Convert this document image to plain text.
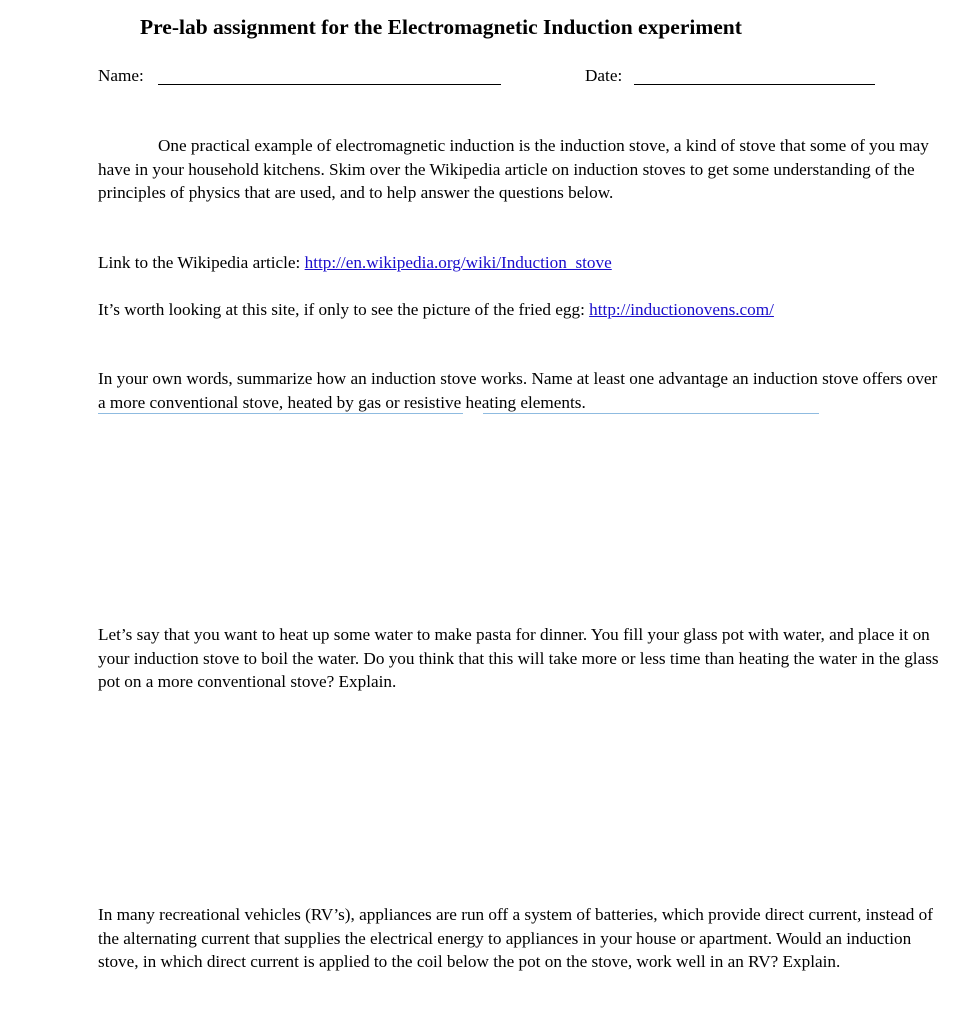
Pre-lab assignment for the Electromagnetic Induction experiment
Name:	Date:

One practical example of electromagnetic induction is the induction stove, a kind of stove that some of you may have in your household kitchens. Skim over the Wikipedia article on induction stoves to get some understanding of the principles of physics that are used, and to help answer the questions below.

Link to the Wikipedia article: http://en.wikipedia.org/wiki/Induction_stove

It’s worth looking at this site, if only to see the picture of the fried egg: http://inductionovens.com/

In your own words, summarize how an induction stove works. Name at least one advantage an induction stove offers over a more conventional stove, heated by gas or resistive heating elements.

Let’s say that you want to heat up some water to make pasta for dinner. You fill your glass pot with water, and place it on your induction stove to boil the water. Do you think that this will take more or less time than heating the water in the glass pot on a more conventional stove? Explain.

In many recreational vehicles (RV’s), appliances are run off a system of batteries, which provide direct current, instead of the alternating current that supplies the electrical energy to appliances in your house or apartment. Would an induction stove, in which direct current is applied to the coil below the pot on the stove, work well in an RV? Explain.
